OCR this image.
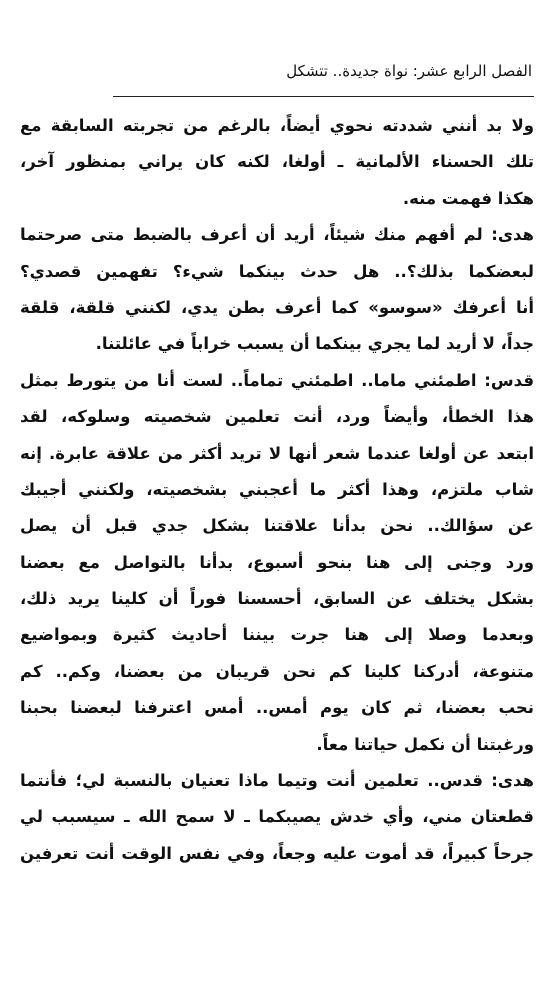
الفصل الرابع عشر: نواة جديدة.. تتشكل
ولا بد أنني شددته نحوي أيضاً، بالرغم من تجربته السابقة مع
تلك الحسناء الألمانية ـ أولغا، لكنه كان يراني بمنظور آخر،
هكذا فهمت منه.
هدى: لم أفهم منك شيئاً، أريد أن أعرف بالضبط متى صرحتما
لبعضكما بذلك؟.. هل حدث بينكما شيء؟ تفهمين قصدي؟
أنا أعرفك «سوسو» كما أعرف بطن يدي، لكنني قلقة، قلقة
جداً، لا أريد لما يجري بينكما أن يسبب خراباً في عائلتنا.
قدس: اطمئني ماما.. اطمئني تماماً.. لست أنا من يتورط بمثل
هذا الخطأ، وأيضاً ورد، أنت تعلمين شخصيته وسلوكه، لقد
ابتعد عن أولغا عندما شعر أنها لا تريد أكثر من علاقة عابرة. إنه
شاب ملتزم، وهذا أكثر ما أعجبني بشخصيته، ولكنني أجيبك
عن سؤالك.. نحن بدأنا علاقتنا بشكل جدي قبل أن يصل
ورد وجنى إلى هنا بنحو أسبوع، بدأنا بالتواصل مع بعضنا
بشكل يختلف عن السابق، أحسسنا فوراً أن كلينا يريد ذلك،
وبعدما وصلا إلى هنا جرت بيننا أحاديث كثيرة وبمواضيع
متنوعة، أدركنا كلينا كم نحن قريبان من بعضنا، وكم.. كم
نحب بعضنا، ثم كان يوم أمس.. أمس اعترفنا لبعضنا بحبنا
ورغبتنا أن نكمل حياتنا معاً.
هدى: قدس.. تعلمين أنت وتيما ماذا تعنيان بالنسبة لي؛ فأنتما
قطعتان مني، وأي خدش يصيبكما ـ لا سمح الله ـ سيسبب لي
جرحاً كبيراً، قد أموت عليه وجعاً، وفي نفس الوقت أنت تعرفين
